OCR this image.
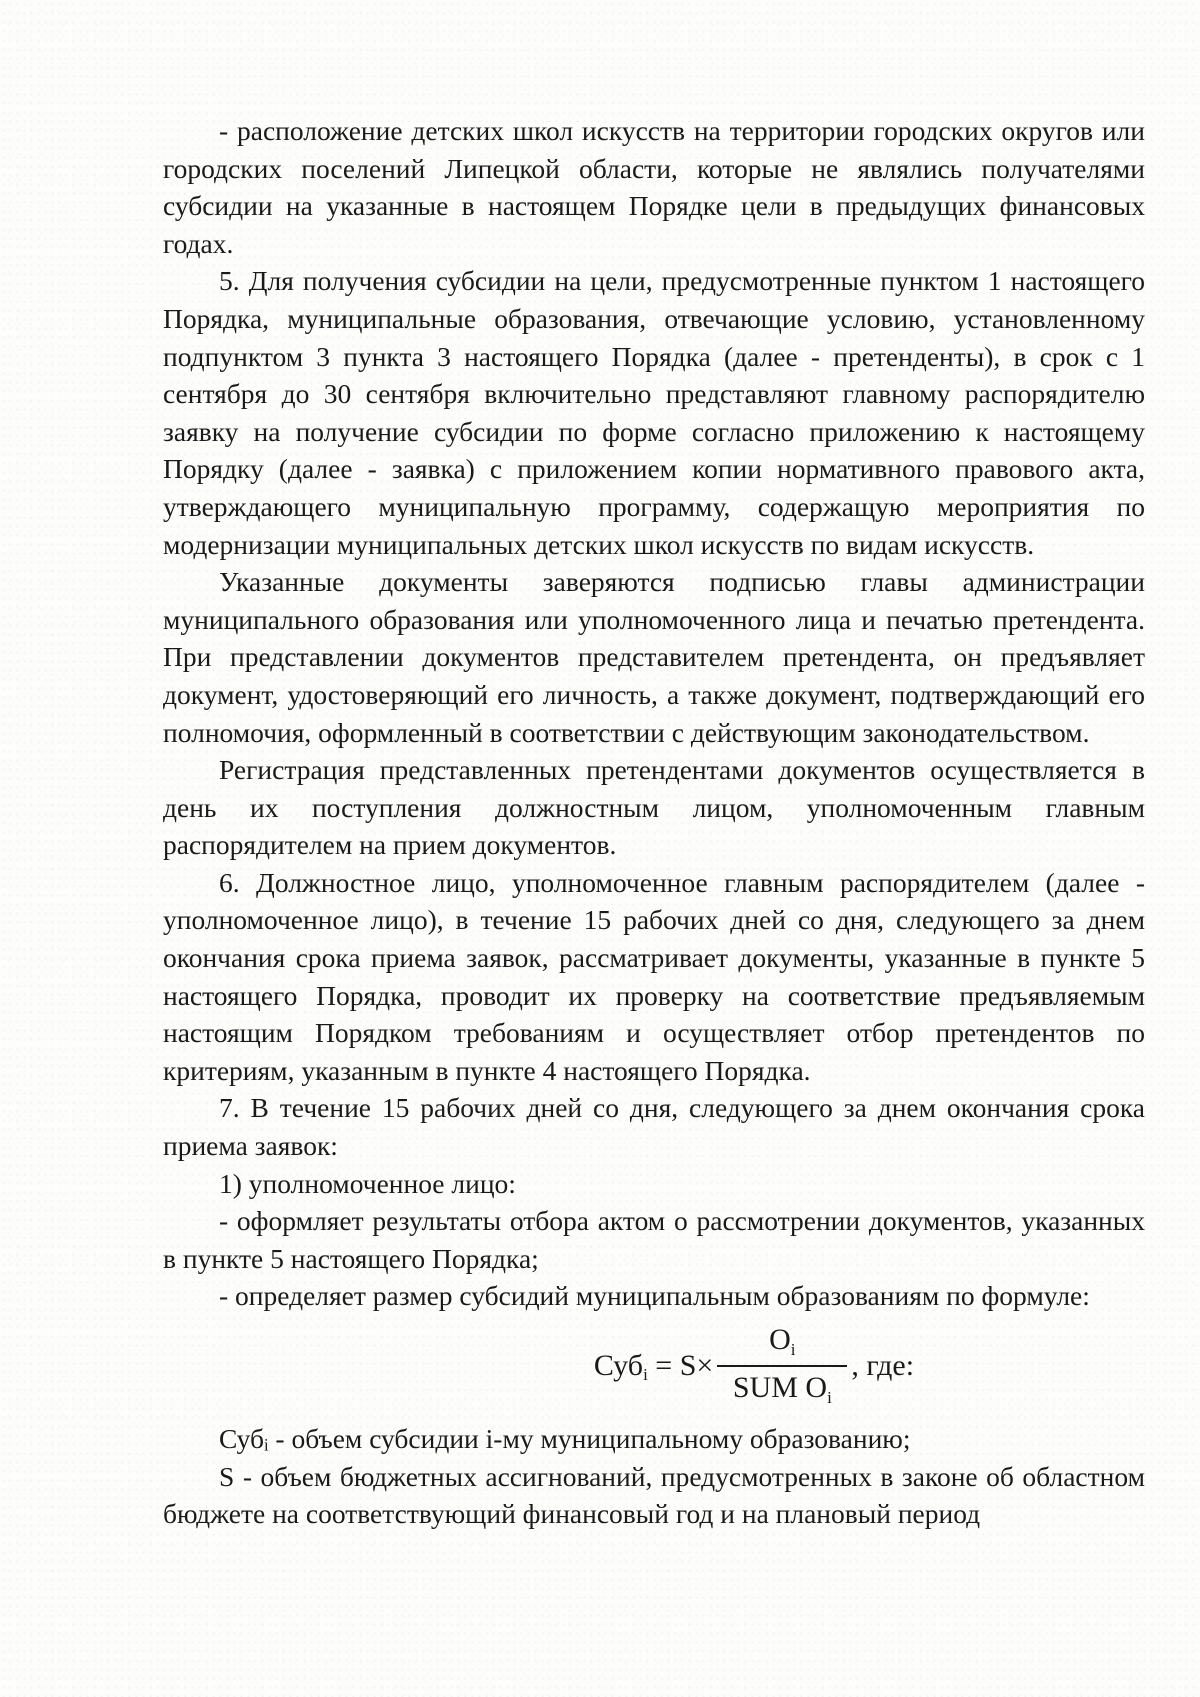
- расположение детских школ искусств на территории городских округов или городских поселений Липецкой области, которые не являлись получателями субсидии на указанные в настоящем Порядке цели в предыдущих финансовых годах.

5. Для получения субсидии на цели, предусмотренные пунктом 1 настоящего Порядка, муниципальные образования, отвечающие условию, установленному подпунктом 3 пункта 3 настоящего Порядка (далее - претенденты), в срок с 1 сентября до 30 сентября включительно представляют главному распорядителю заявку на получение субсидии по форме согласно приложению к настоящему Порядку (далее - заявка) с приложением копии нормативного правового акта, утверждающего муниципальную программу, содержащую мероприятия по модернизации муниципальных детских школ искусств по видам искусств.

Указанные документы заверяются подписью главы администрации муниципального образования или уполномоченного лица и печатью претендента. При представлении документов представителем претендента, он предъявляет документ, удостоверяющий его личность, а также документ, подтверждающий его полномочия, оформленный в соответствии с действующим законодательством.

Регистрация представленных претендентами документов осуществляется в день их поступления должностным лицом, уполномоченным главным распорядителем на прием документов.

6. Должностное лицо, уполномоченное главным распорядителем (далее - уполномоченное лицо), в течение 15 рабочих дней со дня, следующего за днем окончания срока приема заявок, рассматривает документы, указанные в пункте 5 настоящего Порядка, проводит их проверку на соответствие предъявляемым настоящим Порядком требованиям и осуществляет отбор претендентов по критериям, указанным в пункте 4 настоящего Порядка.

7. В течение 15 рабочих дней со дня, следующего за днем окончания срока приема заявок:

1) уполномоченное лицо:

- оформляет результаты отбора актом о рассмотрении документов, указанных в пункте 5 настоящего Порядка;

- определяет размер субсидий муниципальным образованиям по формуле:

Суб $i = S \times \frac{O_i}{SUM O_i}$ , где:

Субᵢ - объем субсидии i-му муниципальному образованию;

S - объем бюджетных ассигнований, предусмотренных в законе об областном бюджете на соответствующий финансовый год и на плановый период
